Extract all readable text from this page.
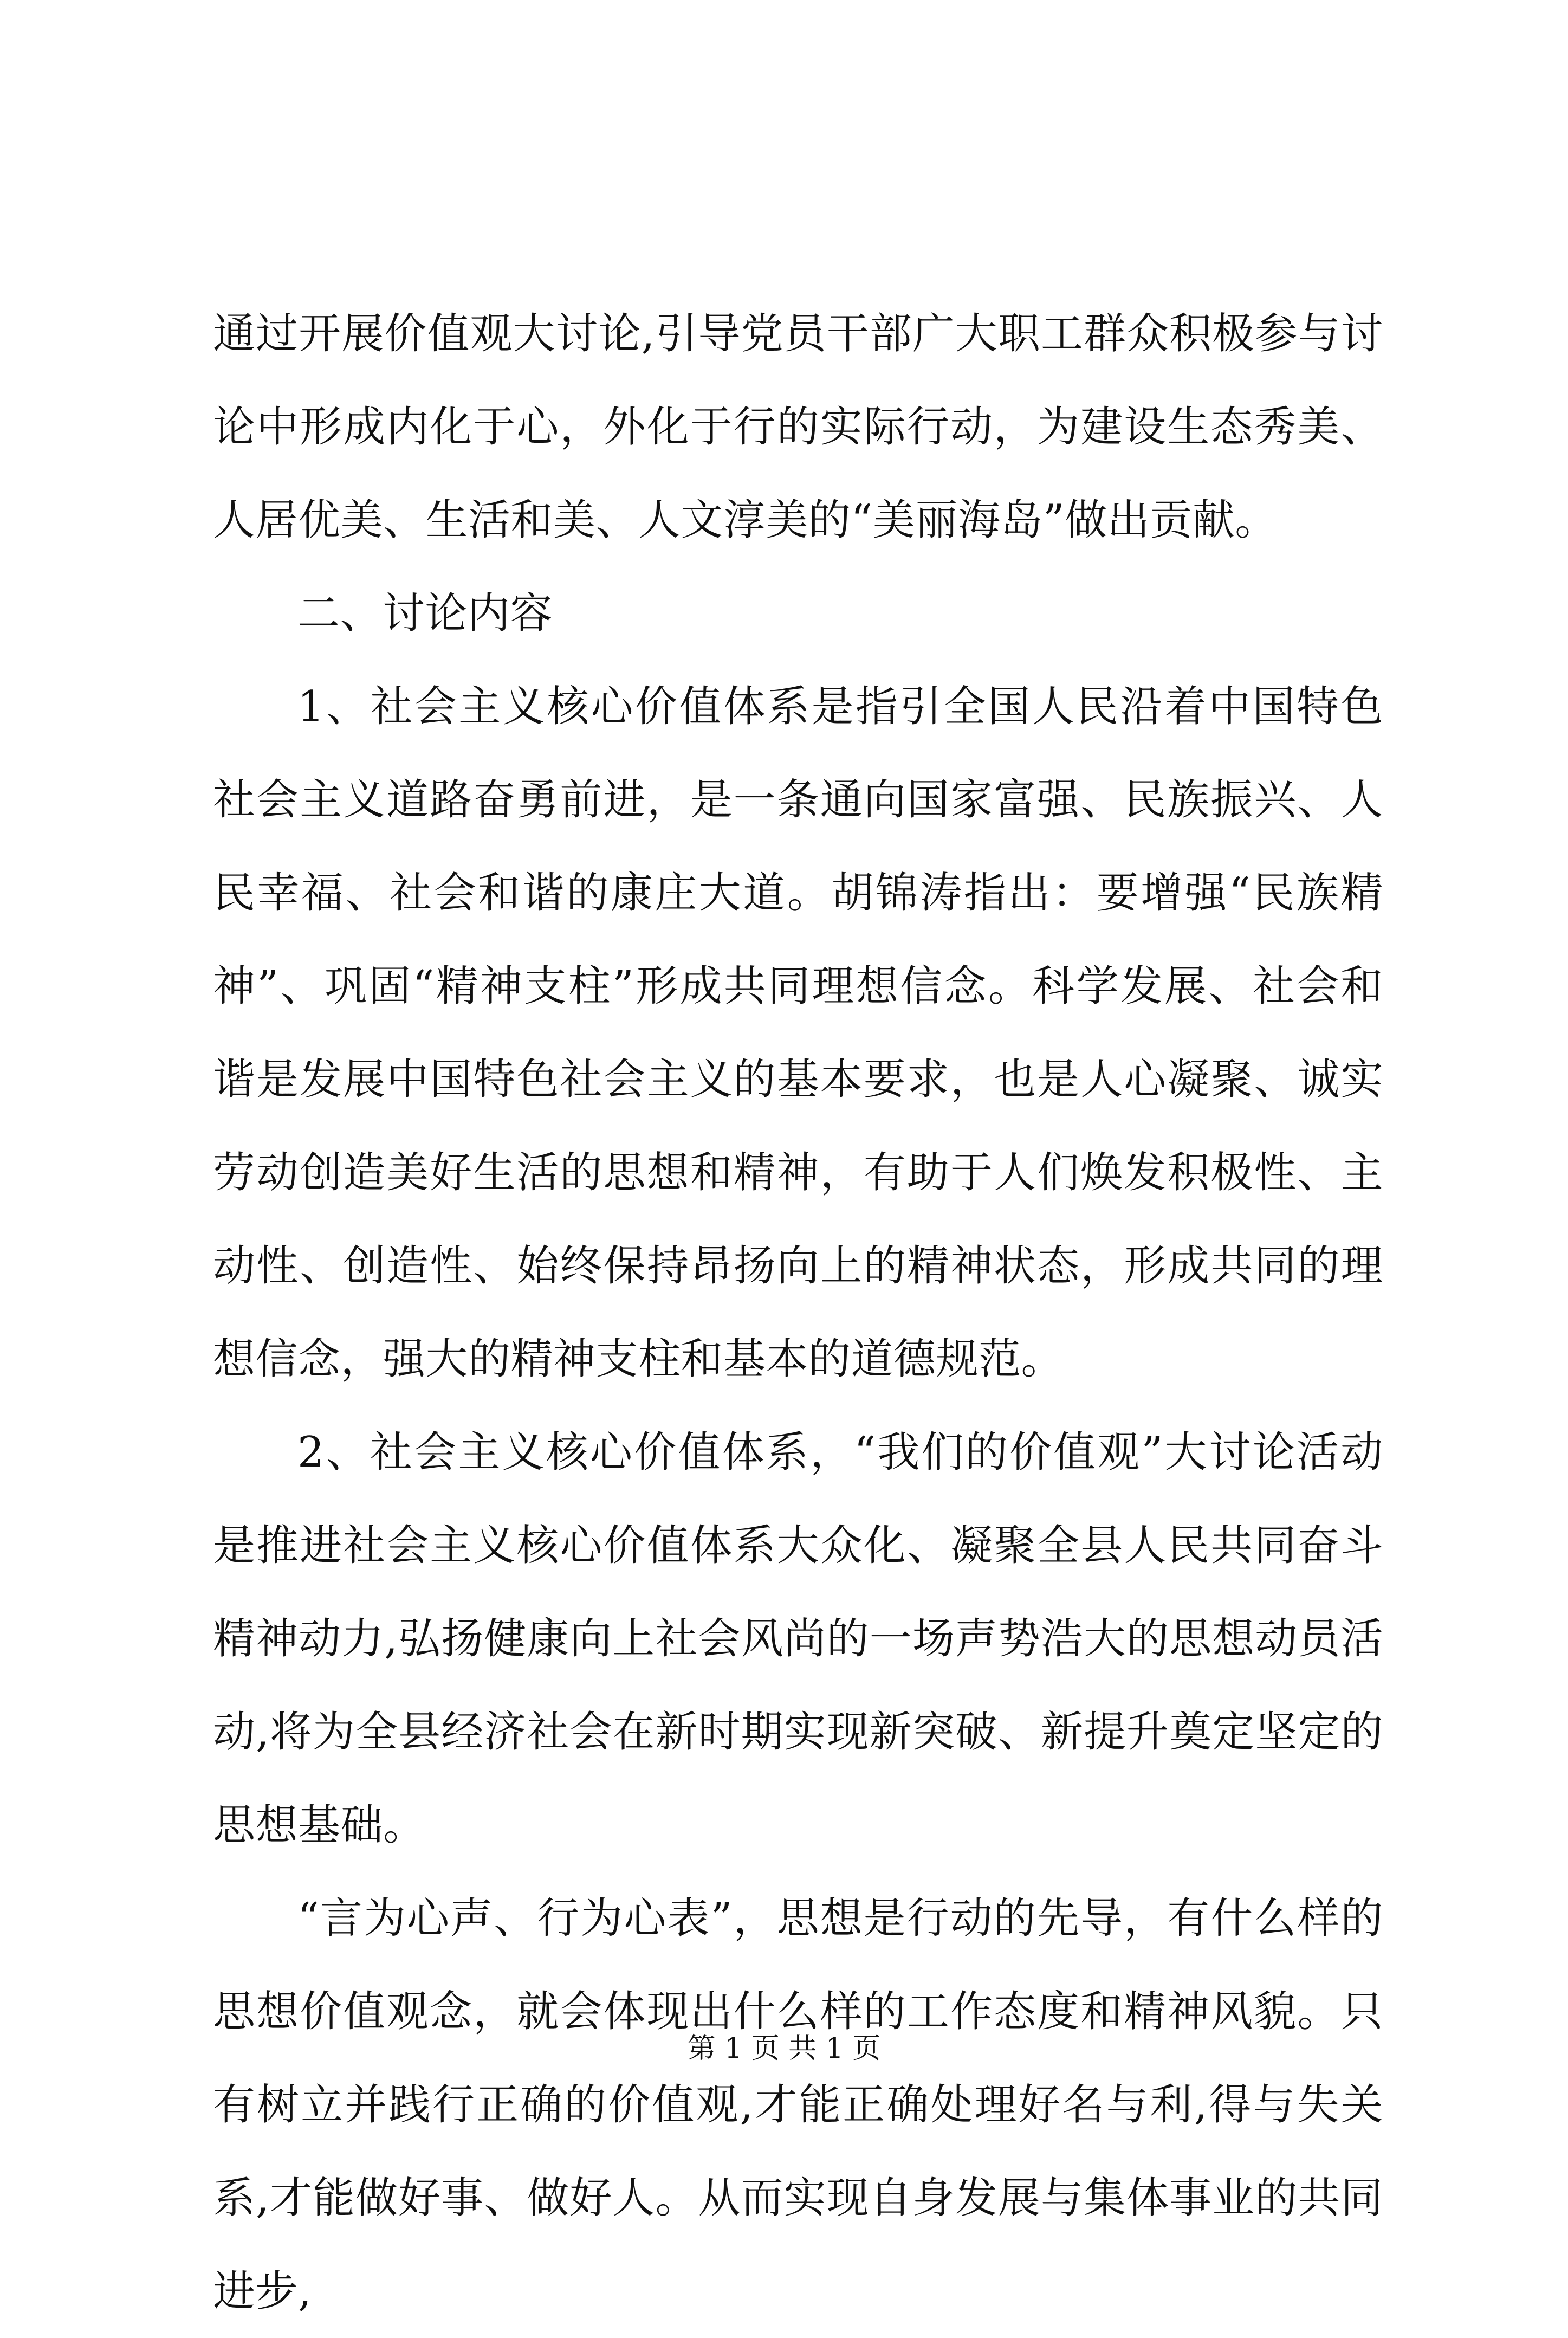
通过开展价值观大讨论,引导党员干部广大职工群众积极参与讨论中形成内化于心，外化于行的实际行动，为建设生态秀美、人居优美、生活和美、人文淳美的“美丽海岛”做出贡献。

二、讨论内容

1、社会主义核心价值体系是指引全国人民沿着中国特色社会主义道路奋勇前进，是一条通向国家富强、民族振兴、人民幸福、社会和谐的康庄大道。胡锦涛指出：要增强“民族精神”、巩固“精神支柱”形成共同理想信念。科学发展、社会和谐是发展中国特色社会主义的基本要求，也是人心凝聚、诚实劳动创造美好生活的思想和精神，有助于人们焕发积极性、主动性、创造性、始终保持昂扬向上的精神状态，形成共同的理想信念，强大的精神支柱和基本的道德规范。

2、社会主义核心价值体系，“我们的价值观”大讨论活动是推进社会主义核心价值体系大众化、凝聚全县人民共同奋斗精神动力,弘扬健康向上社会风尚的一场声势浩大的思想动员活动,将为全县经济社会在新时期实现新突破、新提升奠定坚定的思想基础。

“言为心声、行为心表”，思想是行动的先导，有什么样的思想价值观念，就会体现出什么样的工作态度和精神风貌。只有树立并践行正确的价值观,才能正确处理好名与利,得与失关系,才能做好事、做好人。从而实现自身发展与集体事业的共同进步,

第 1 页 共 1 页
